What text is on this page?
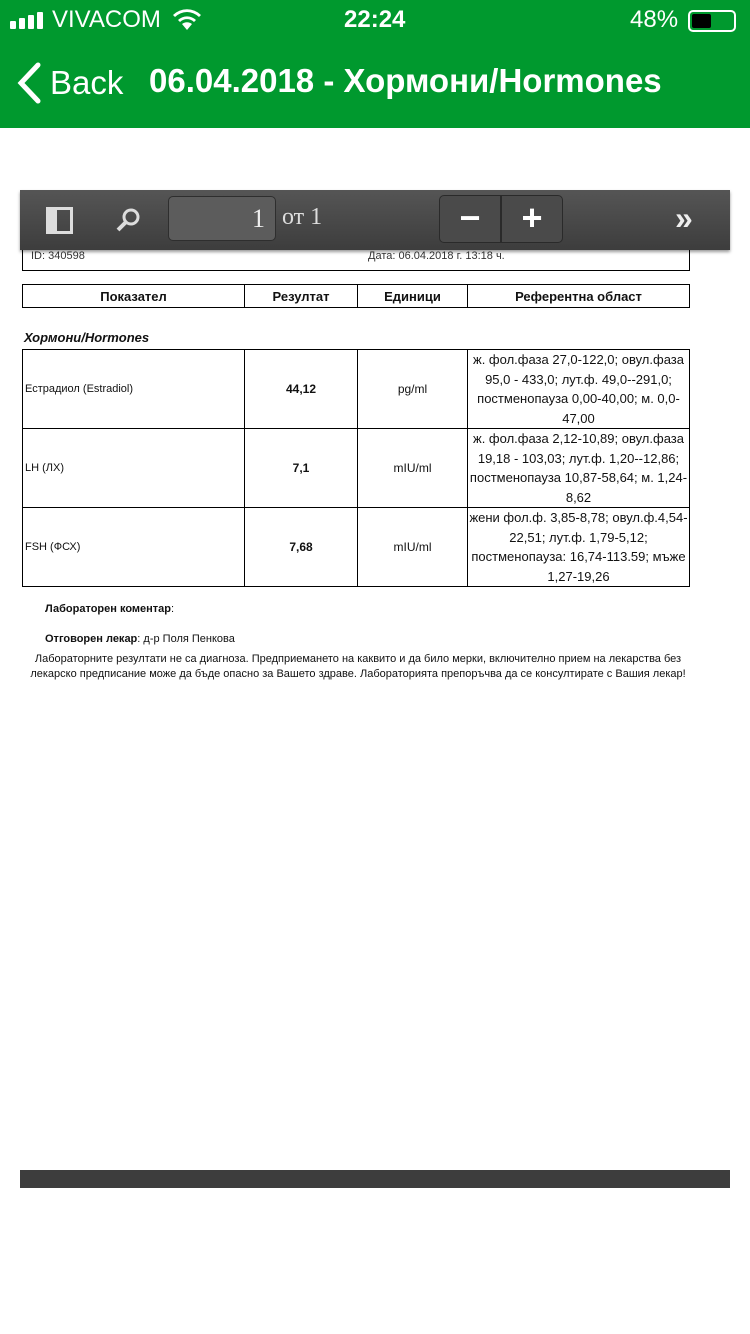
VIVACOM	22:24	48%
Back 06.04.2018 - Хормони/Hormones
ID: 340598	Дата: 06.04.2018 г. 13:18 ч.
1 от 1	−	+	»
Показател	Резултат	Единици	Референтна област
Хормони/Hormones
Естрадиол (Estradiol)	44,12	pg/ml	ж. фол.фаза 27,0-122,0; овул.фаза 95,0 - 433,0; лут.ф. 49,0--291,0; постменопауза 0,00-40,00; м. 0,0-47,00
LH (ЛХ)	7,1	mIU/ml	ж. фол.фаза 2,12-10,89; овул.фаза 19,18 - 103,03; лут.ф. 1,20--12,86; постменопауза 10,87-58,64; м. 1,24-8,62
FSH (ФСХ)	7,68	mIU/ml	жени фол.ф. 3,85-8,78; овул.ф.4,54-22,51; лут.ф. 1,79-5,12; постменопауза: 16,74-113.59; мъже 1,27-19,26
Лабораторен коментар:
Отговорен лекар: д-р Поля Пенкова
Лабораторните резултати не са диагноза. Предприемането на каквито и да било мерки, включително прием на лекарства без лекарско предписание може да бъде опасно за Вашето здраве. Лабораторията препоръчва да се консултирате с Вашия лекар!
